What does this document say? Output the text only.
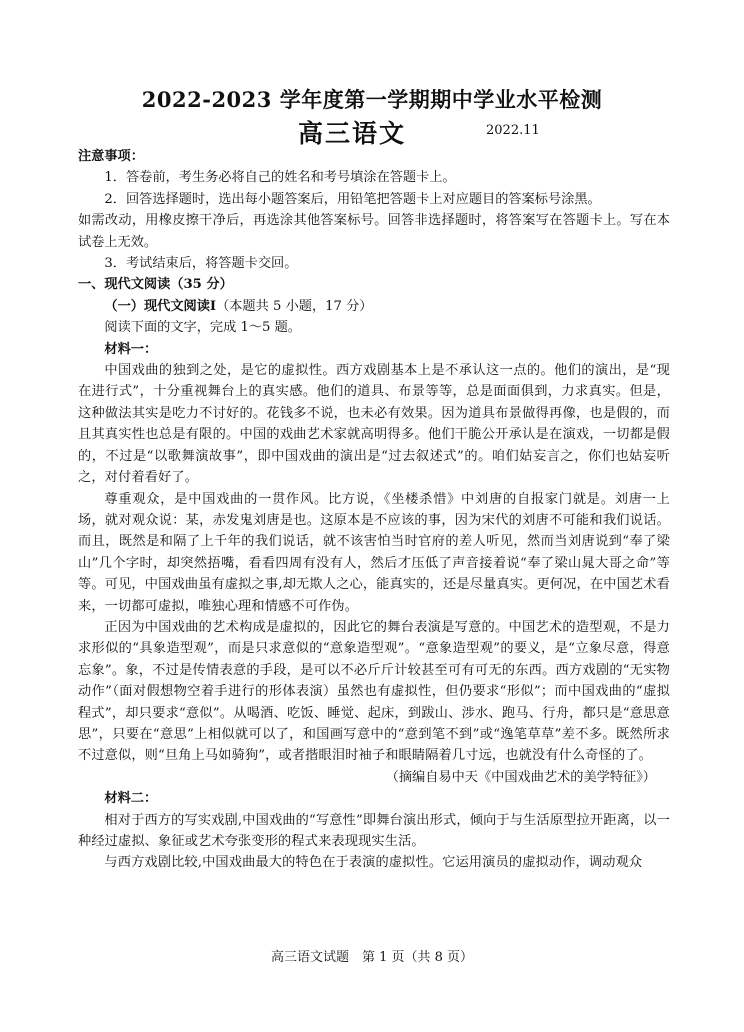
2022-2023 学年度第一学期期中学业水平检测
高三语文	2022.11

注意事项：

1．答卷前，考生务必将自己的姓名和考号填涂在答题卡上。

2．回答选择题时，选出每小题答案后，用铅笔把答题卡上对应题目的答案标号涂黑。

如需改动，用橡皮擦干净后，再选涂其他答案标号。回答非选择题时，将答案写在答题卡上。写在本试卷上无效。

3．考试结束后，将答题卡交回。

一、现代文阅读（35 分）

（一）现代文阅读Ⅰ（本题共 5 小题，17 分）

阅读下面的文字，完成 1～5 题。

材料一：

中国戏曲的独到之处，是它的虚拟性。西方戏剧基本上是不承认这一点的。他们的演出，是“现在进行式”，十分重视舞台上的真实感。他们的道具、布景等等，总是面面俱到，力求真实。但是，这种做法其实是吃力不讨好的。花钱多不说，也未必有效果。因为道具布景做得再像，也是假的，而且其真实性也总是有限的。中国的戏曲艺术家就高明得多。他们干脆公开承认是在演戏，一切都是假的，不过是“以歌舞演故事”，即中国戏曲的演出是“过去叙述式”的。咱们姑妄言之，你们也姑妄听之，对付着看好了。

尊重观众，是中国戏曲的一贯作风。比方说，《坐楼杀惜》中刘唐的自报家门就是。刘唐一上场，就对观众说：某，赤发鬼刘唐是也。这原本是不应该的事，因为宋代的刘唐不可能和我们说话。而且，既然是和隔了上千年的我们说话，就不该害怕当时官府的差人听见，然而当刘唐说到“奉了梁山”几个字时，却突然捂嘴，看看四周有没有人，然后才压低了声音接着说“奉了梁山晁大哥之命”等等。可见，中国戏曲虽有虚拟之事,却无欺人之心，能真实的，还是尽量真实。更何况，在中国艺术看来，一切都可虚拟，唯独心理和情感不可作伪。

正因为中国戏曲的艺术构成是虚拟的，因此它的舞台表演是写意的。中国艺术的造型观，不是力求形似的“具象造型观”，而是只求意似的“意象造型观”。“意象造型观”的要义，是“立象尽意，得意忘象”。象，不过是传情表意的手段，是可以不必斤斤计较甚至可有可无的东西。西方戏剧的“无实物动作”（面对假想物空着手进行的形体表演）虽然也有虚拟性，但仍要求“形似”；而中国戏曲的“虚拟程式”，却只要求“意似”。从喝酒、吃饭、睡觉、起床，到跋山、涉水、跑马、行舟，都只是“意思意思”，只要在“意思”上相似就可以了，和国画写意中的“意到笔不到”或“逸笔草草”差不多。既然所求不过意似，则“旦角上马如骑狗”，或者揩眼泪时袖子和眼睛隔着几寸远，也就没有什么奇怪的了。

（摘编自易中天《中国戏曲艺术的美学特征》）

材料二：

相对于西方的写实戏剧,中国戏曲的“写意性”即舞台演出形式，倾向于与生活原型拉开距离，以一种经过虚拟、象征或艺术夸张变形的程式来表现现实生活。

与西方戏剧比较,中国戏曲最大的特色在于表演的虚拟性。它运用演员的虚拟动作，调动观众

高三语文试题　第 1 页（共 8 页）
